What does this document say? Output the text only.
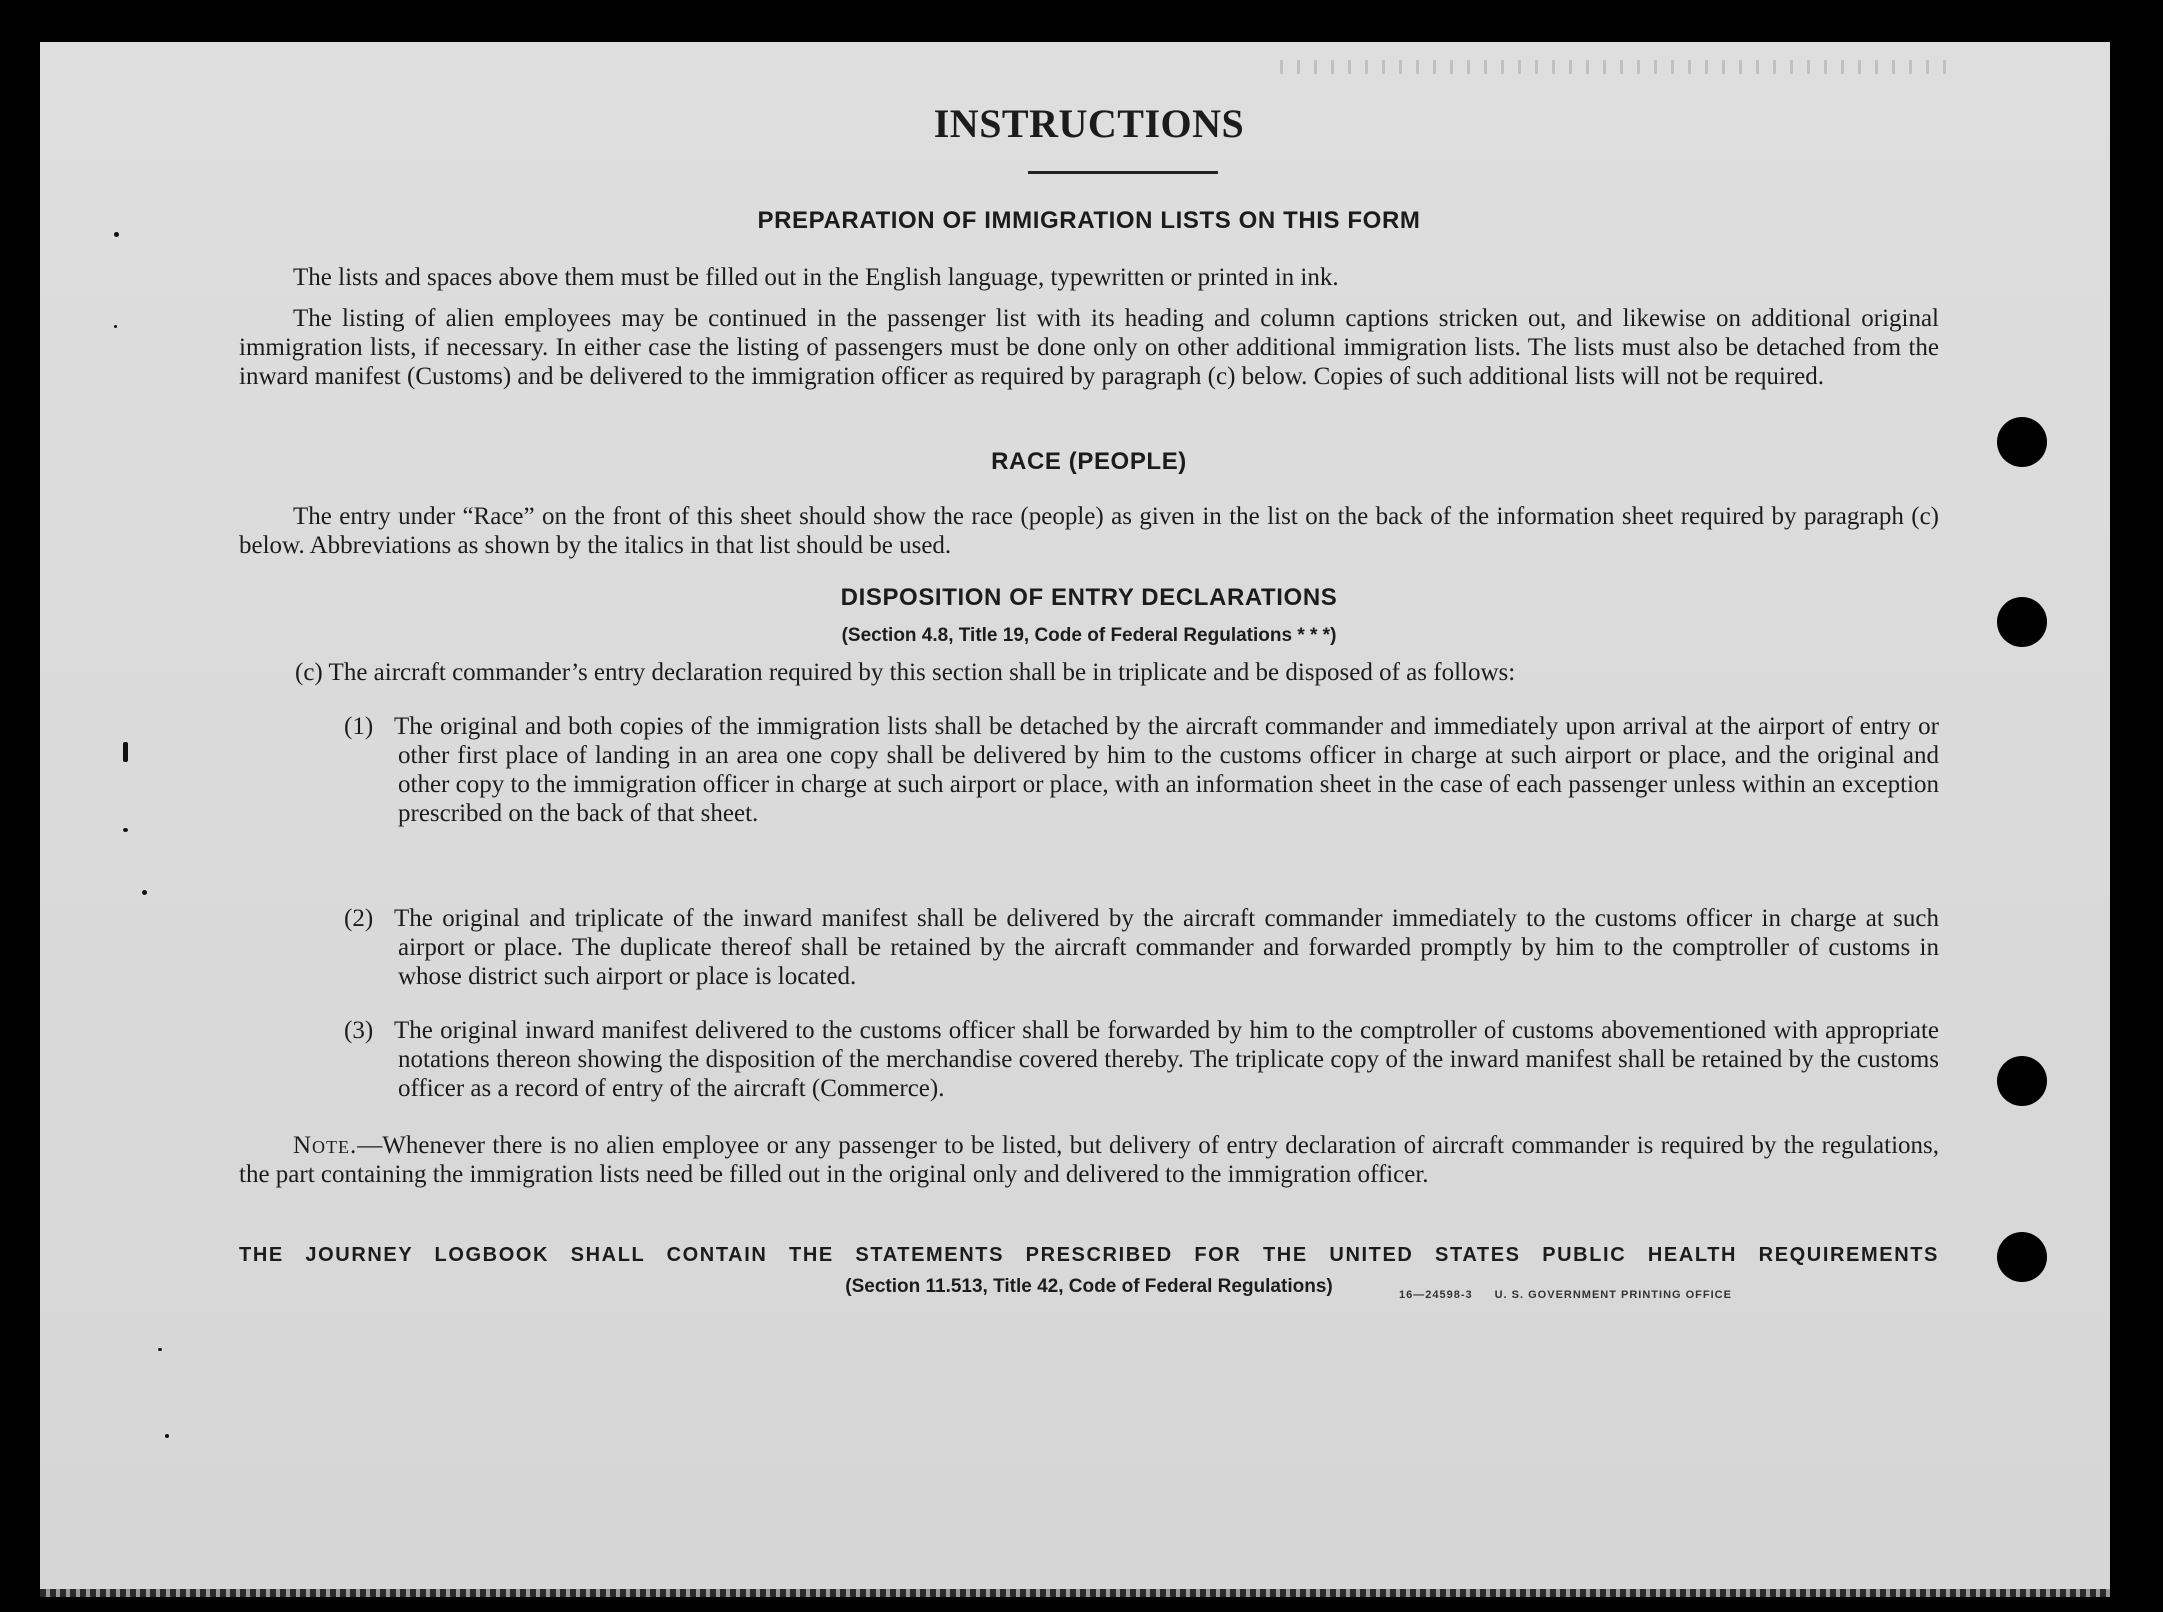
INSTRUCTIONS
PREPARATION OF IMMIGRATION LISTS ON THIS FORM
The lists and spaces above them must be filled out in the English language, typewritten or printed in ink.
The listing of alien employees may be continued in the passenger list with its heading and column captions stricken out, and likewise on additional original immigration lists, if necessary. In either case the listing of passengers must be done only on other additional immigration lists. The lists must also be detached from the inward manifest (Customs) and be delivered to the immigration officer as required by paragraph (c) below. Copies of such additional lists will not be required.
RACE (PEOPLE)
The entry under “Race” on the front of this sheet should show the race (people) as given in the list on the back of the information sheet required by paragraph (c) below. Abbreviations as shown by the italics in that list should be used.
DISPOSITION OF ENTRY DECLARATIONS
(Section 4.8, Title 19, Code of Federal Regulations * * *)
(c) The aircraft commander’s entry declaration required by this section shall be in triplicate and be disposed of as follows:
(1) The original and both copies of the immigration lists shall be detached by the aircraft commander and immediately upon arrival at the airport of entry or other first place of landing in an area one copy shall be delivered by him to the customs officer in charge at such airport or place, and the original and other copy to the immigration officer in charge at such airport or place, with an information sheet in the case of each passenger unless within an exception prescribed on the back of that sheet.
(2) The original and triplicate of the inward manifest shall be delivered by the aircraft commander immediately to the customs officer in charge at such airport or place. The duplicate thereof shall be retained by the aircraft commander and forwarded promptly by him to the comptroller of customs in whose district such airport or place is located.
(3) The original inward manifest delivered to the customs officer shall be forwarded by him to the comptroller of customs abovementioned with appropriate notations thereon showing the disposition of the merchandise covered thereby. The triplicate copy of the inward manifest shall be retained by the customs officer as a record of entry of the aircraft (Commerce).
Note.—Whenever there is no alien employee or any passenger to be listed, but delivery of entry declaration of aircraft commander is required by the regulations, the part containing the immigration lists need be filled out in the original only and delivered to the immigration officer.
THE JOURNEY LOGBOOK SHALL CONTAIN THE STATEMENTS PRESCRIBED FOR THE UNITED STATES PUBLIC HEALTH REQUIREMENTS
(Section 11.513, Title 42, Code of Federal Regulations)	16—24598-3 U. S. GOVERNMENT PRINTING OFFICE
